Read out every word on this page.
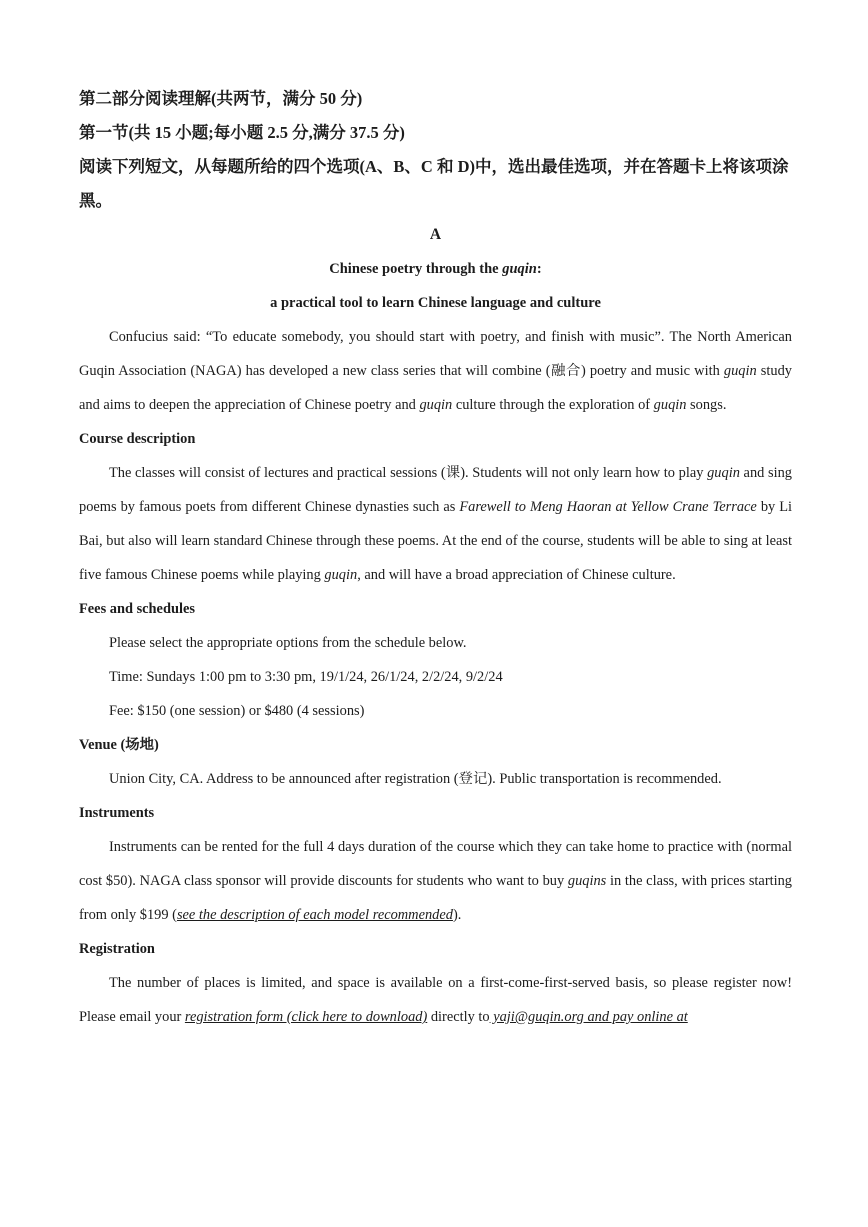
第二部分阅读理解(共两节，满分 50 分)

第一节(共 15 小题;每小题 2.5 分,满分 37.5 分)

阅读下列短文，从每题所给的四个选项(A、B、C 和 D)中，选出最佳选项，并在答题卡上将该项涂黑。

A

Chinese poetry through the guqin:

a practical tool to learn Chinese language and culture

Confucius said: “To educate somebody, you should start with poetry, and finish with music”. The North American Guqin Association (NAGA) has developed a new class series that will combine (融合) poetry and music with guqin study and aims to deepen the appreciation of Chinese poetry and guqin culture through the exploration of guqin songs.

Course description

The classes will consist of lectures and practical sessions (课). Students will not only learn how to play guqin and sing poems by famous poets from different Chinese dynasties such as Farewell to Meng Haoran at Yellow Crane Terrace by Li Bai, but also will learn standard Chinese through these poems. At the end of the course, students will be able to sing at least five famous Chinese poems while playing guqin, and will have a broad appreciation of Chinese culture.

Fees and schedules

Please select the appropriate options from the schedule below.

Time: Sundays 1:00 pm to 3:30 pm, 19/1/24, 26/1/24, 2/2/24, 9/2/24

Fee: $150 (one session) or $480 (4 sessions)

Venue (场地)

Union City, CA. Address to be announced after registration (登记). Public transportation is recommended.

Instruments

Instruments can be rented for the full 4 days duration of the course which they can take home to practice with (normal cost $50). NAGA class sponsor will provide discounts for students who want to buy guqins in the class, with prices starting from only $199 (see the description of each model recommended).

Registration

The number of places is limited, and space is available on a first-come-first-served basis, so please register now! Please email your registration form (click here to download) directly to yaji@guqin.org and pay online at
